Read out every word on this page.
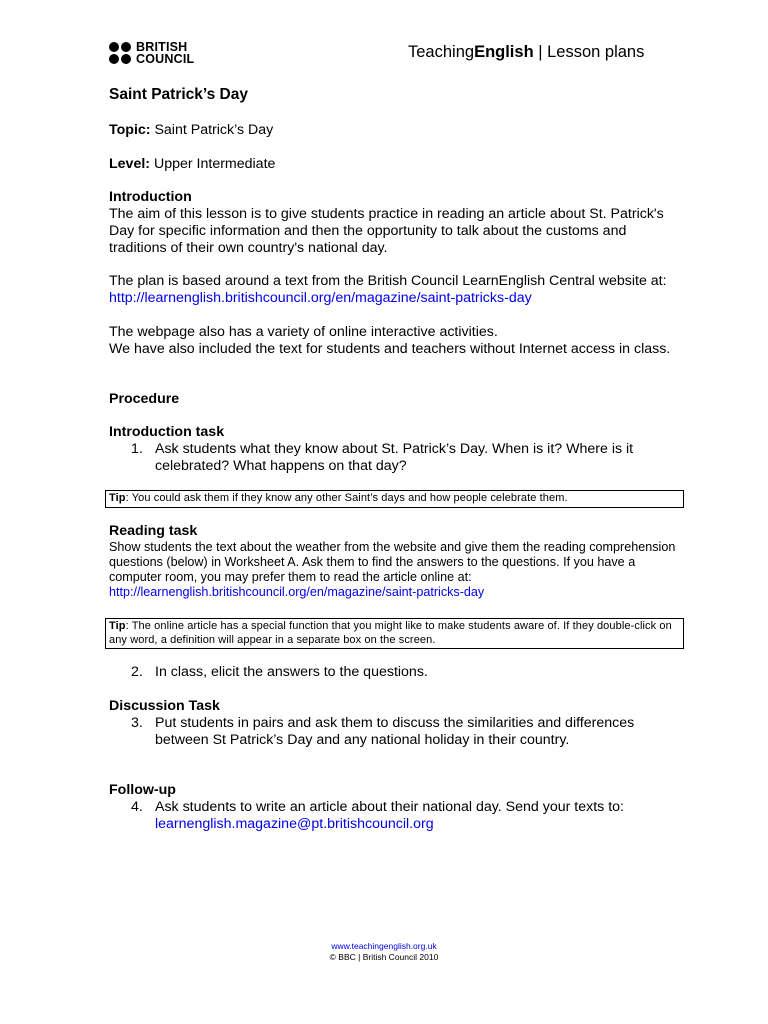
BRITISH
COUNCIL	TeachingEnglish | Lesson plans
Saint Patrick’s Day
Topic: Saint Patrick’s Day
Level: Upper Intermediate
Introduction
The aim of this lesson is to give students practice in reading an article about St. Patrick's Day for specific information and then the opportunity to talk about the customs and traditions of their own country's national day.
The plan is based around a text from the British Council LearnEnglish Central website at: http://learnenglish.britishcouncil.org/en/magazine/saint-patricks-day
The webpage also has a variety of online interactive activities.
We have also included the text for students and teachers without Internet access in class.
Procedure
Introduction task
1. Ask students what they know about St. Patrick’s Day. When is it? Where is it celebrated? What happens on that day?
Tip: You could ask them if they know any other Saint’s days and how people celebrate them.
Reading task
Show students the text about the weather from the website and give them the reading comprehension questions (below) in Worksheet A. Ask them to find the answers to the questions. If you have a computer room, you may prefer them to read the article online at:
http://learnenglish.britishcouncil.org/en/magazine/saint-patricks-day
Tip: The online article has a special function that you might like to make students aware of. If they double-click on any word, a definition will appear in a separate box on the screen.
2. In class, elicit the answers to the questions.
Discussion Task
3. Put students in pairs and ask them to discuss the similarities and differences between St Patrick’s Day and any national holiday in their country.
Follow-up
4. Ask students to write an article about their national day. Send your texts to:
learnenglish.magazine@pt.britishcouncil.org
www.teachingenglish.org.uk
© BBC | British Council 2010
